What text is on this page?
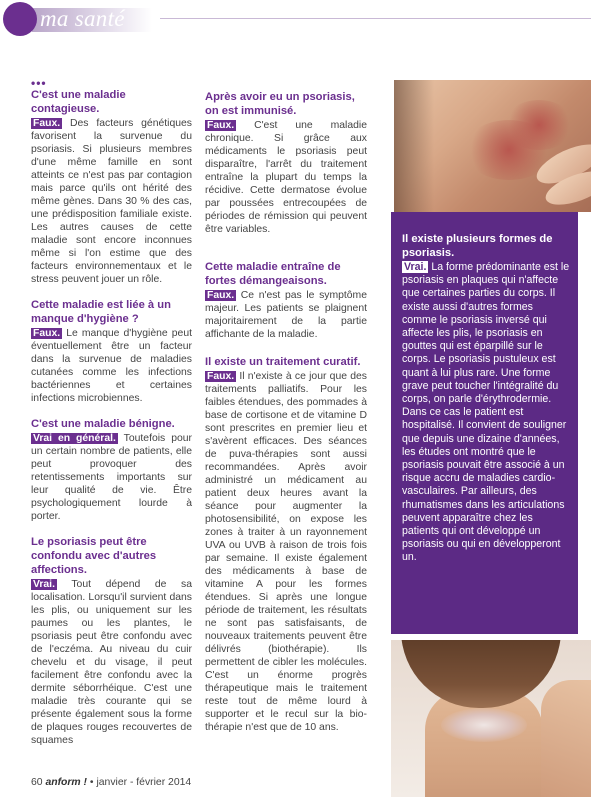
ma santé
•••
C'est une maladie contagieuse.

Faux. Des facteurs génétiques favorisent la survenue du psoriasis. Si plusieurs membres d'une même famille en sont atteints ce n'est pas par contagion mais parce qu'ils ont hérité des même gènes. Dans 30 % des cas, une prédisposition familiale existe. Les autres causes de cette maladie sont encore inconnues même si l'on estime que des facteurs environnementaux et le stress peuvent jouer un rôle.

Cette maladie est liée à un manque d'hygiène ?

Faux. Le manque d'hygiène peut éventuellement être un facteur dans la survenue de maladies cutanées comme les infections bactériennes et certaines infections microbiennes.

C'est une maladie bénigne.

Vrai en général. Toutefois pour un certain nombre de patients, elle peut provoquer des retentissements importants sur leur qualité de vie. Être psychologiquement lourde à porter.

Le psoriasis peut être confondu avec d'autres affections.

Vrai. Tout dépend de sa localisation. Lorsqu'il survient dans les plis, ou uniquement sur les paumes ou les plantes, le psoriasis peut être confondu avec de l'eczéma. Au niveau du cuir chevelu et du visage, il peut facilement être confondu avec la dermite séborrhéique. C'est une maladie très courante qui se présente également sous la forme de plaques rouges recouvertes de squames

Après avoir eu un psoriasis, on est immunisé.

Faux. C'est une maladie chronique. Si grâce aux médicaments le psoriasis peut disparaître, l'arrêt du traitement entraîne la plupart du temps la récidive. Cette dermatose évolue par poussées entrecoupées de périodes de rémission qui peuvent être variables.

Cette maladie entraîne de fortes démangeaisons.

Faux. Ce n'est pas le symptôme majeur. Les patients se plaignent majoritairement de la partie affichante de la maladie.

Il existe un traitement curatif.

Faux. Il n'existe à ce jour que des traitements palliatifs. Pour les faibles étendues, des pommades à base de cortisone et de vitamine D sont prescrites en premier lieu et s'avèrent efficaces. Des séances de puva-thérapies sont aussi recommandées. Après avoir administré un médicament au patient deux heures avant la séance pour augmenter la photosensibilité, on expose les zones à traiter à un rayonnement UVA ou UVB à raison de trois fois par semaine. Il existe également des médicaments à base de vitamine A pour les formes étendues. Si après une longue période de traitement, les résultats ne sont pas satisfaisants, de nouveaux traitements peuvent être délivrés (biothérapie). Ils permettent de cibler les molécules. C'est un énorme progrès thérapeutique mais le traitement reste tout de même lourd à supporter et le recul sur la bio-thérapie n'est que de 10 ans.

Il existe plusieurs formes de psoriasis.

Vrai. La forme prédominante est le psoriasis en plaques qui n'affecte que certaines parties du corps. Il existe aussi d'autres formes comme le psoriasis inversé qui affecte les plis, le psoriasis en gouttes qui est éparpillé sur le corps. Le psoriasis pustuleux est quant à lui plus rare. Une forme grave peut toucher l'intégralité du corps, on parle d'érythrodermie. Dans ce cas le patient est hospitalisé. Il convient de souligner que depuis une dizaine d'années, les études ont montré que le psoriasis pouvait être associé à un risque accru de maladies cardio-vasculaires. Par ailleurs, des rhumatismes dans les articulations peuvent apparaître chez les patients qui ont développé un psoriasis ou qui en développeront un.

60 anform ! • janvier - février 2014
